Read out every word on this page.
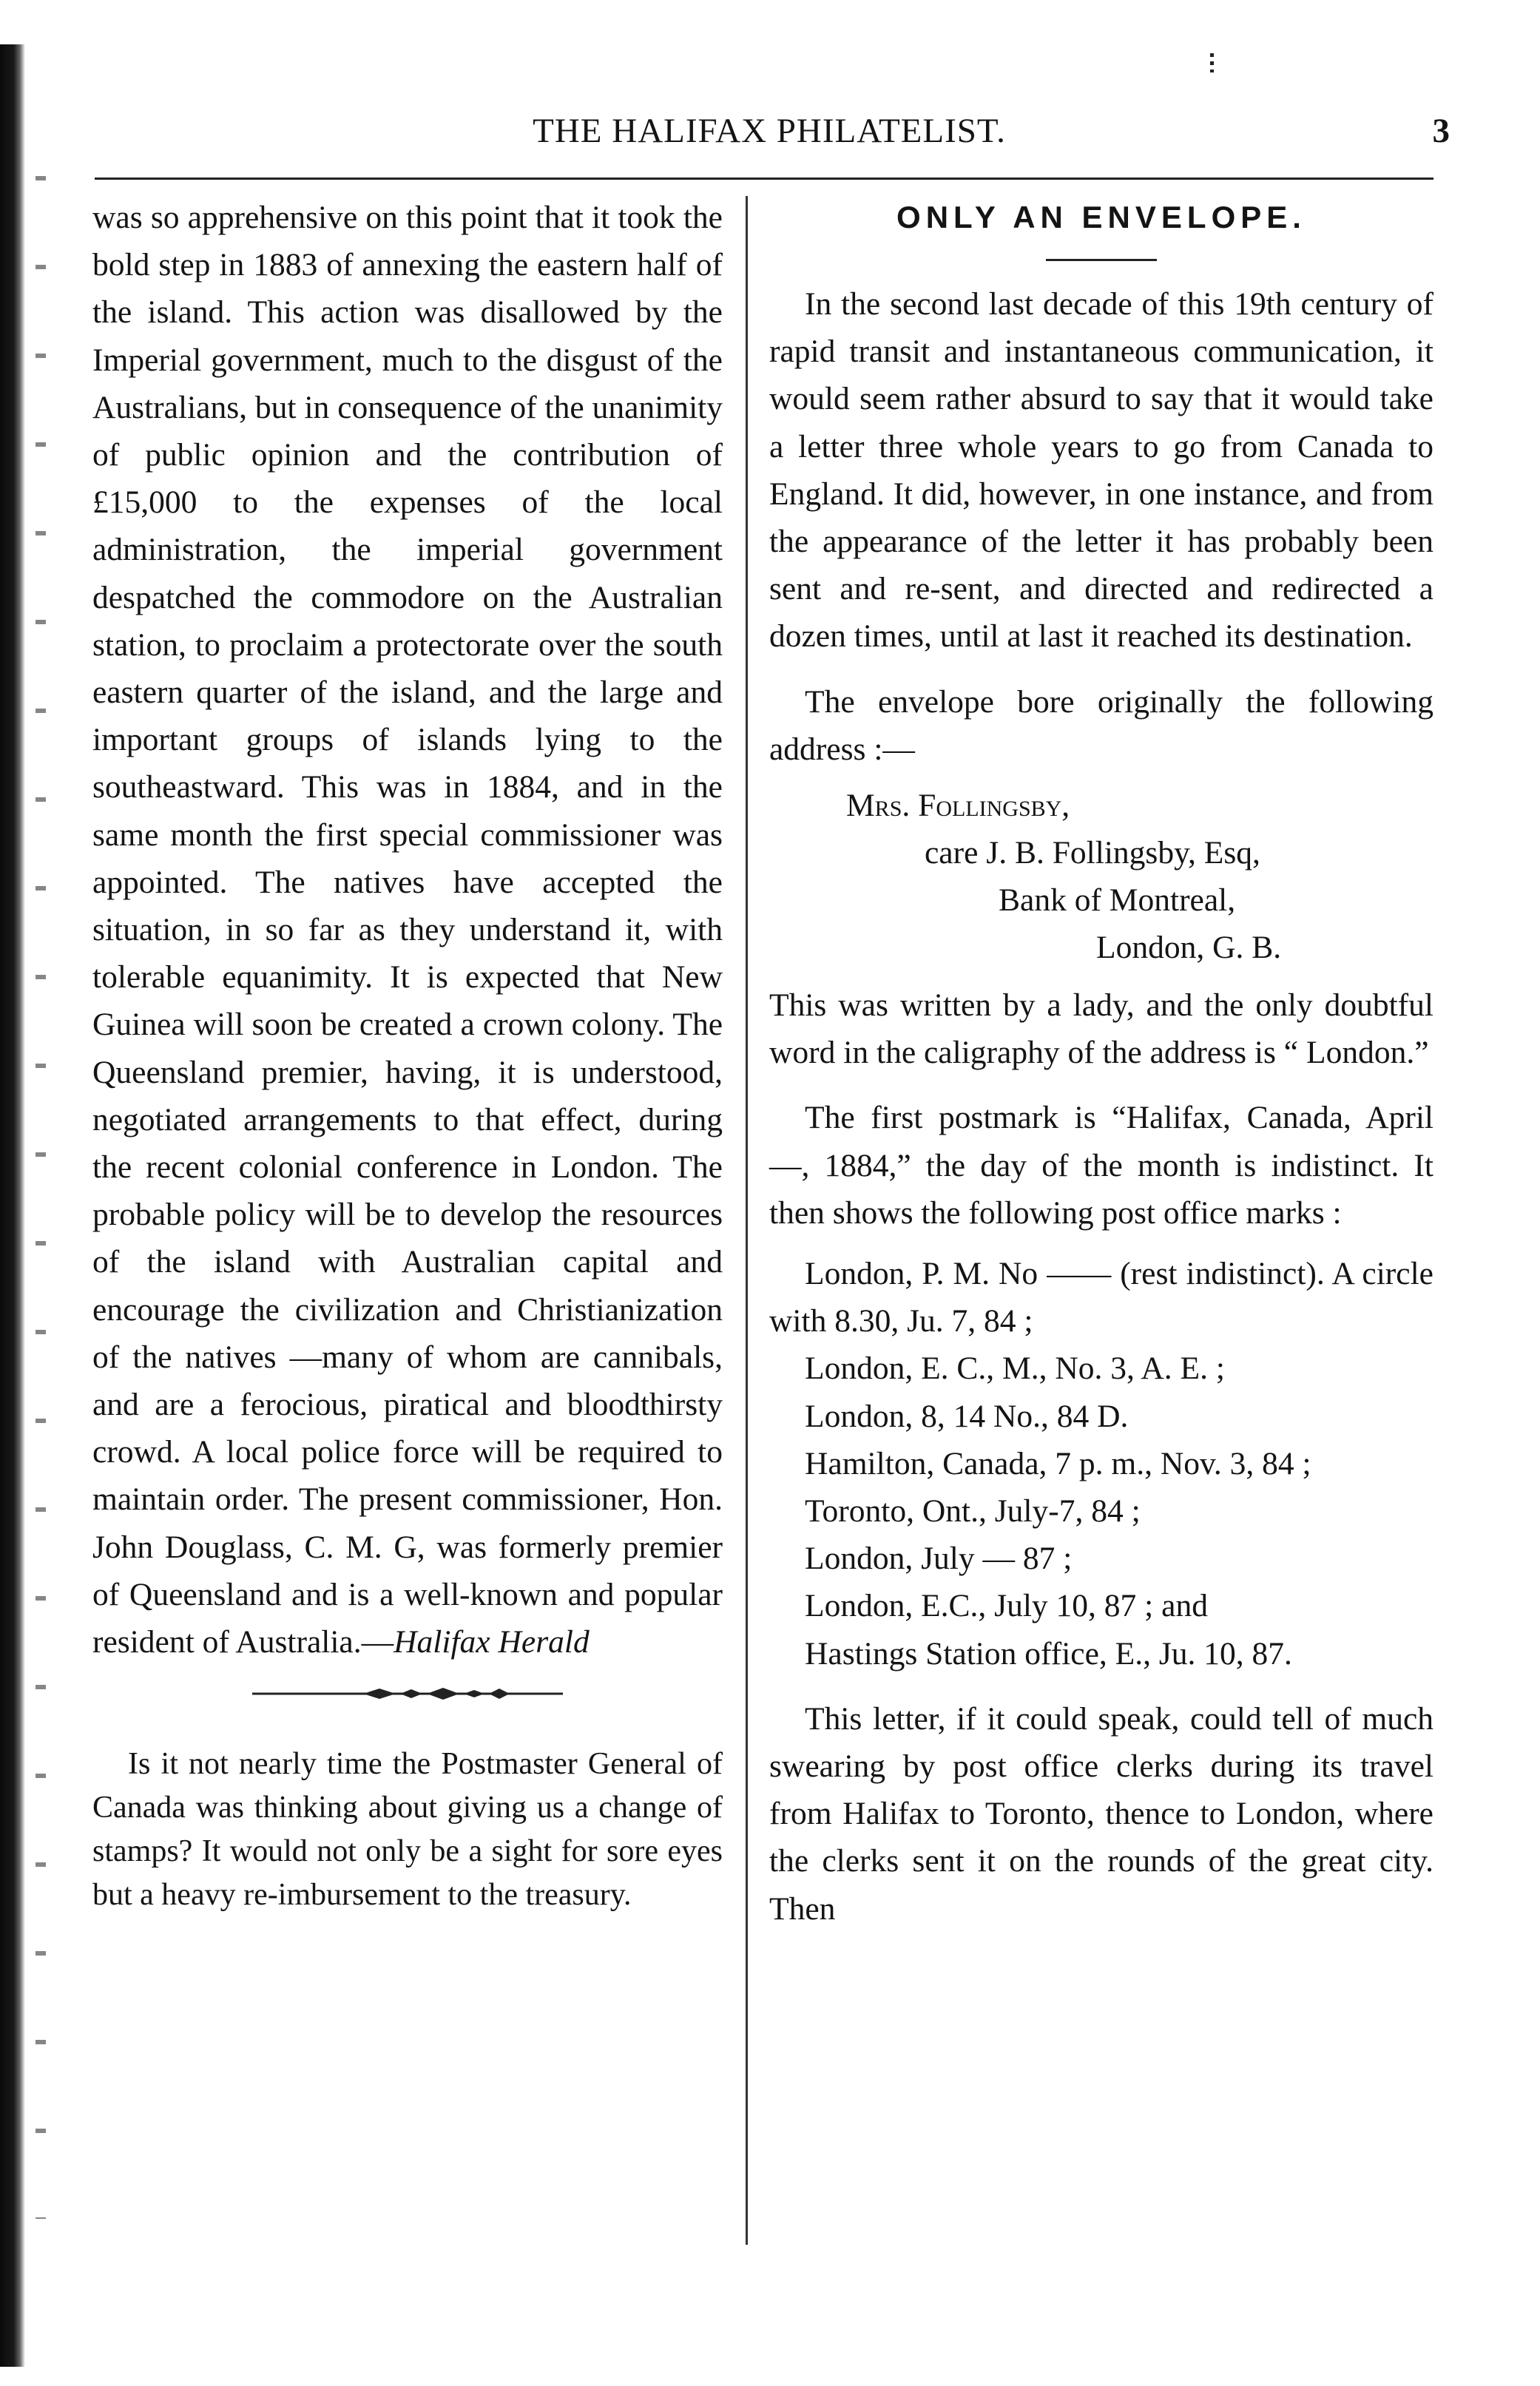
THE HALIFAX PHILATELIST.	3

was so apprehensive on this point that it took the bold step in 1883 of annexing the eastern half of the island. This action was disallowed by the Imperial government, much to the disgust of the Australians, but in consequence of the unanimity of public opinion and the contribution of £15,000 to the expenses of the local administration, the imperial government despatched the commodore on the Australian station, to proclaim a protectorate over the south eastern quarter of the island, and the large and important groups of islands lying to the southeastward. This was in 1884, and in the same month the first special commissioner was appointed. The natives have accepted the situation, in so far as they understand it, with tolerable equanimity. It is expected that New Guinea will soon be created a crown colony. The Queensland premier, having, it is understood, negotiated arrangements to that effect, during the recent colonial conference in London. The probable policy will be to develop the resources of the island with Australian capital and encourage the civilization and Christianization of the natives —many of whom are cannibals, and are a ferocious, piratical and bloodthirsty crowd. A local police force will be required to maintain order. The present commissioner, Hon. John Douglass, C. M. G, was formerly premier of Queensland and is a well-known and popular resident of Australia.—Halifax Herald

Is it not nearly time the Postmaster General of Canada was thinking about giving us a change of stamps? It would not only be a sight for sore eyes but a heavy re-imbursement to the treasury.

ONLY AN ENVELOPE.

In the second last decade of this 19th century of rapid transit and instantaneous communication, it would seem rather absurd to say that it would take a letter three whole years to go from Canada to England. It did, however, in one instance, and from the appearance of the letter it has probably been sent and re-sent, and directed and redirected a dozen times, until at last it reached its destination.

The envelope bore originally the following address :—

Mrs. Follingsby,
care J. B. Follingsby, Esq,
Bank of Montreal,
London, G. B.

This was written by a lady, and the only doubtful word in the caligraphy of the address is “ London.”

The first postmark is “Halifax, Canada, April —, 1884,” the day of the month is indistinct. It then shows the following post office marks :

London, P. M. No —— (rest indistinct). A circle with 8.30, Ju. 7, 84 ;

London, E. C., M., No. 3, A. E. ;

London, 8, 14 No., 84 D.

Hamilton, Canada, 7 p. m., Nov. 3, 84 ;

Toronto, Ont., July-7, 84 ;

London, July — 87 ;

London, E.C., July 10, 87 ; and

Hastings Station office, E., Ju. 10, 87.

This letter, if it could speak, could tell of much swearing by post office clerks during its travel from Halifax to Toronto, thence to London, where the clerks sent it on the rounds of the great city. Then
